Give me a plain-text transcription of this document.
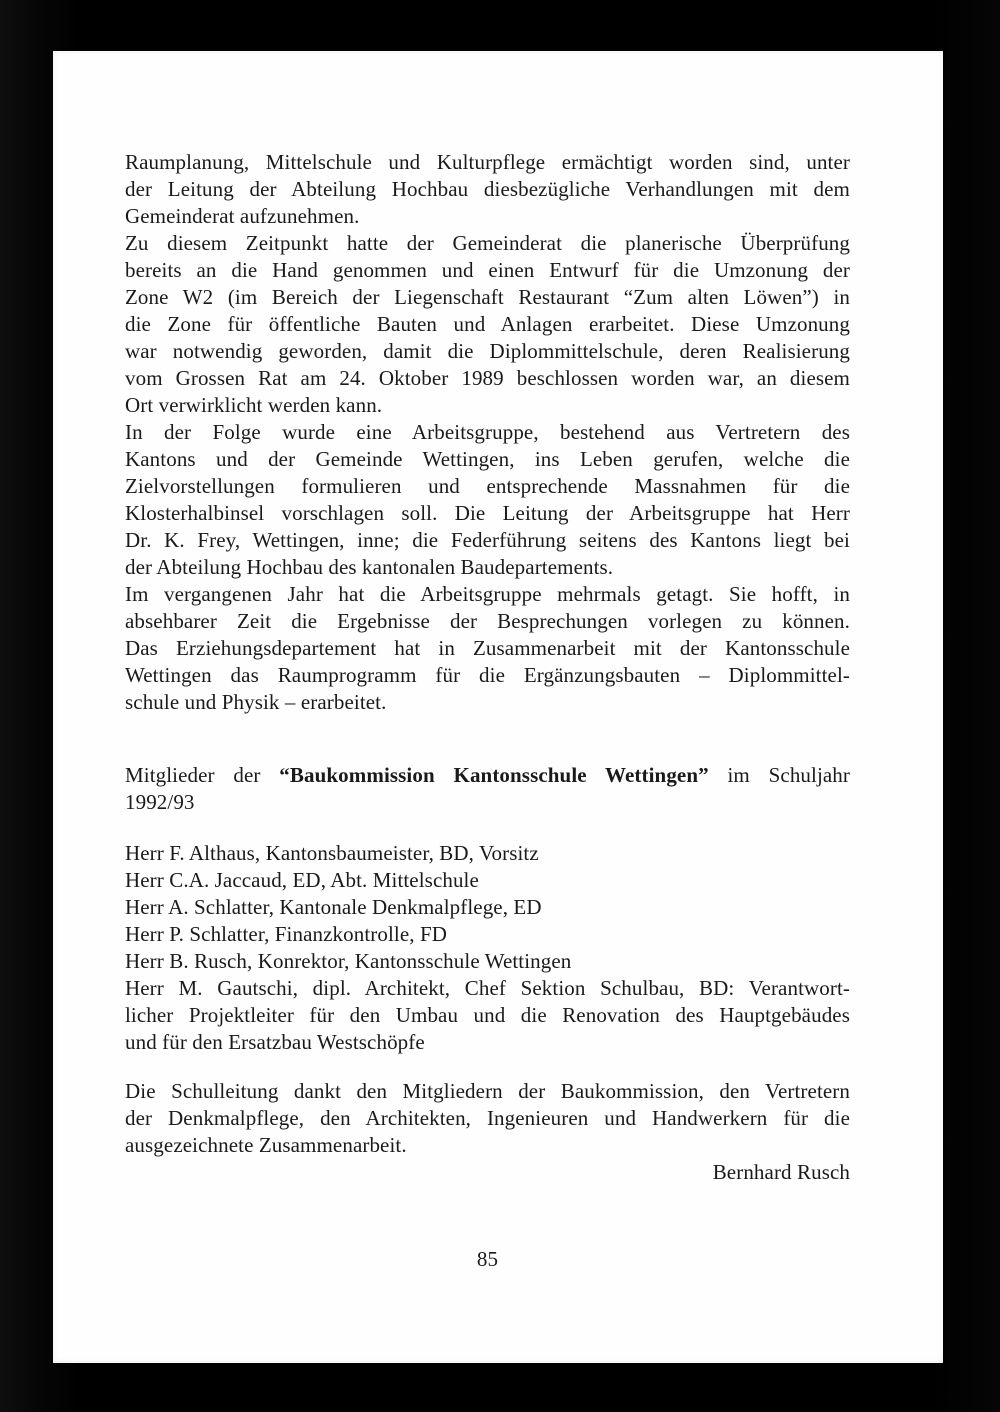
Raumplanung, Mittelschule und Kulturpflege ermächtigt worden sind, unter
der Leitung der Abteilung Hochbau diesbezügliche Verhandlungen mit dem
Gemeinderat aufzunehmen.
Zu diesem Zeitpunkt hatte der Gemeinderat die planerische Überprüfung
bereits an die Hand genommen und einen Entwurf für die Umzonung der
Zone W2 (im Bereich der Liegenschaft Restaurant “Zum alten Löwen”) in
die Zone für öffentliche Bauten und Anlagen erarbeitet. Diese Umzonung
war notwendig geworden, damit die Diplommittelschule, deren Realisierung
vom Grossen Rat am 24. Oktober 1989 beschlossen worden war, an diesem
Ort verwirklicht werden kann.
In der Folge wurde eine Arbeitsgruppe, bestehend aus Vertretern des
Kantons und der Gemeinde Wettingen, ins Leben gerufen, welche die
Zielvorstellungen formulieren und entsprechende Massnahmen für die
Klosterhalbinsel vorschlagen soll. Die Leitung der Arbeitsgruppe hat Herr
Dr. K. Frey, Wettingen, inne; die Federführung seitens des Kantons liegt bei
der Abteilung Hochbau des kantonalen Baudepartements.
Im vergangenen Jahr hat die Arbeitsgruppe mehrmals getagt. Sie hofft, in
absehbarer Zeit die Ergebnisse der Besprechungen vorlegen zu können.
Das Erziehungsdepartement hat in Zusammenarbeit mit der Kantonsschule
Wettingen das Raumprogramm für die Ergänzungsbauten – Diplommittel-
schule und Physik – erarbeitet.
Mitglieder der “Baukommission Kantonsschule Wettingen” im Schuljahr
1992/93
Herr F. Althaus, Kantonsbaumeister, BD, Vorsitz
Herr C.A. Jaccaud, ED, Abt. Mittelschule
Herr A. Schlatter, Kantonale Denkmalpflege, ED
Herr P. Schlatter, Finanzkontrolle, FD
Herr B. Rusch, Konrektor, Kantonsschule Wettingen
Herr M. Gautschi, dipl. Architekt, Chef Sektion Schulbau, BD: Verantwort-
licher Projektleiter für den Umbau und die Renovation des Hauptgebäudes
und für den Ersatzbau Westschöpfe
Die Schulleitung dankt den Mitgliedern der Baukommission, den Vertretern
der Denkmalpflege, den Architekten, Ingenieuren und Handwerkern für die
ausgezeichnete Zusammenarbeit.
Bernhard Rusch
85
